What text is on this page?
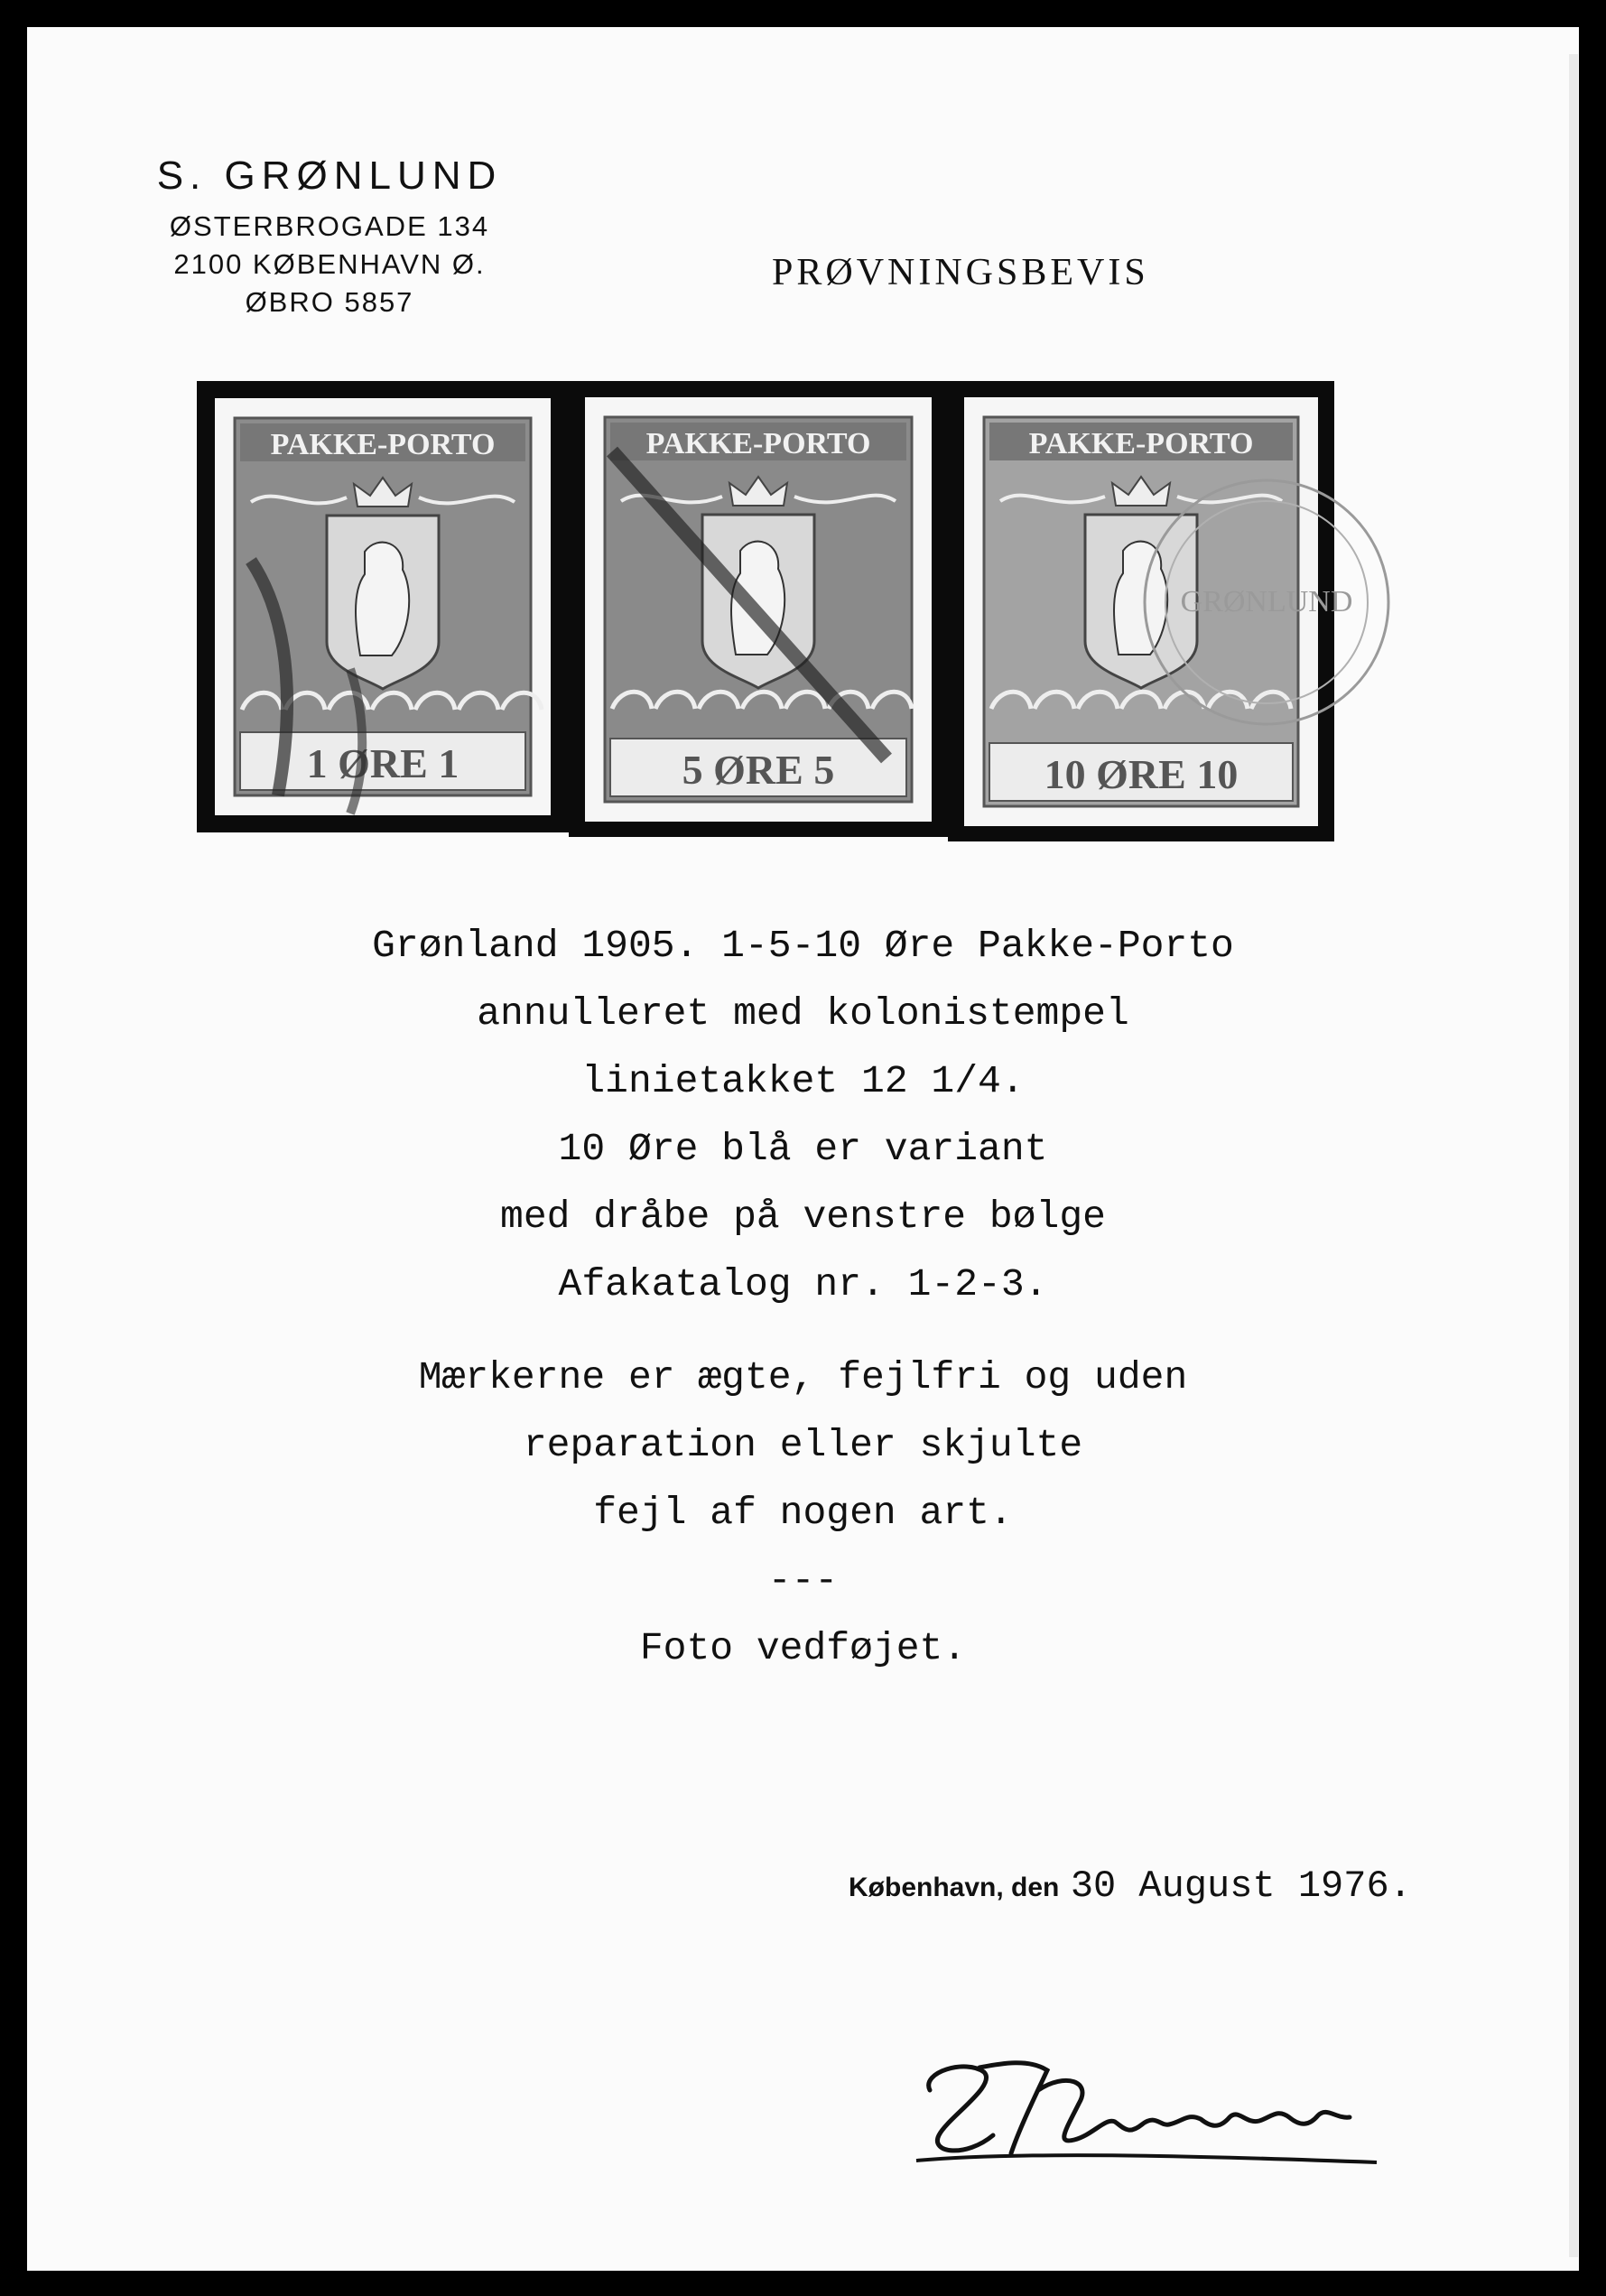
S. GRØNLUND
ØSTERBROGADE 134
2100 KØBENHAVN Ø.
ØBRO 5857
PRØVNINGSBEVIS
PAKKE-PORTO
1 ØRE 1
PAKKE-PORTO
5 ØRE 5
PAKKE-PORTO
10 ØRE 10
GRØNLUND
Grønland 1905. 1-5-10 Øre Pakke-Porto
annulleret med kolonistempel
linietakket 12 1/4.
10 Øre blå er variant
med dråbe på venstre bølge
Afakatalog nr. 1-2-3.
Mærkerne er ægte, fejlfri og uden
reparation eller skjulte
fejl af nogen art.
---
Foto vedføjet.
København, den 30 August 1976.
